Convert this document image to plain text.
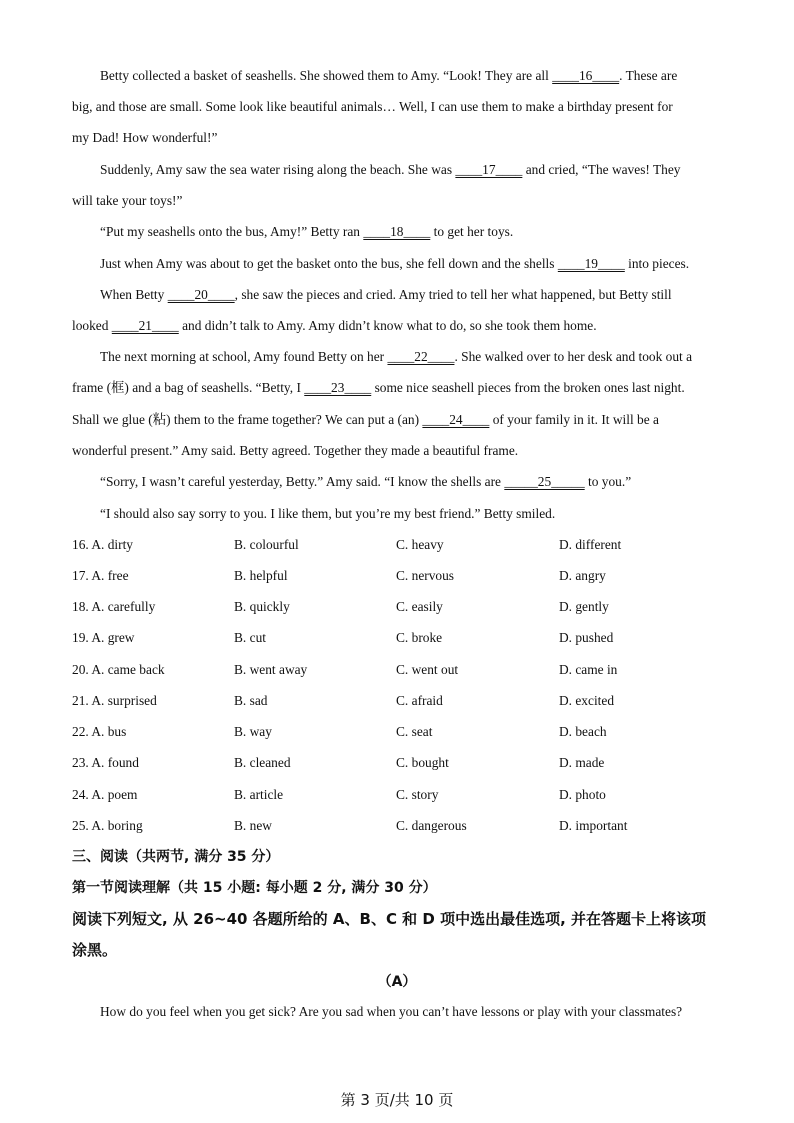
Betty collected a basket of seashells. She showed them to Amy. “Look! They are all ____16____. These are
big, and those are small. Some look like beautiful animals… Well, I can use them to make a birthday present for
my Dad! How wonderful!”
Suddenly, Amy saw the sea water rising along the beach. She was ____17____ and cried, “The waves! They
will take your toys!”
“Put my seashells onto the bus, Amy!” Betty ran ____18____ to get her toys.
Just when Amy was about to get the basket onto the bus, she fell down and the shells ____19____ into pieces.
When Betty ____20____, she saw the pieces and cried. Amy tried to tell her what happened, but Betty still
looked ____21____ and didn’t talk to Amy. Amy didn’t know what to do, so she took them home.
The next morning at school, Amy found Betty on her ____22____. She walked over to her desk and took out a
frame (框) and a bag of seashells. “Betty, I ____23____ some nice seashell pieces from the broken ones last night.
Shall we glue (粘) them to the frame together? We can put a (an) ____24____ of your family in it. It will be a
wonderful present.” Amy said. Betty agreed. Together they made a beautiful frame.
“Sorry, I wasn’t careful yesterday, Betty.” Amy said. “I know the shells are _____25_____ to you.”
“I should also say sorry to you. I like them, but you’re my best friend.” Betty smiled.
16. A. dirty	B. colourful	C. heavy	D. different
17. A. free	B. helpful	C. nervous	D. angry
18. A. carefully	B. quickly	C. easily	D. gently
19. A. grew	B. cut	C. broke	D. pushed
20. A. came back	B. went away	C. went out	D. came in
21. A. surprised	B. sad	C. afraid	D. excited
22. A. bus	B. way	C. seat	D. beach
23. A. found	B. cleaned	C. bought	D. made
24. A. poem	B. article	C. story	D. photo
25. A. boring	B. new	C. dangerous	D. important
三、阅读（共两节, 满分 35 分）
第一节阅读理解（共 15 小题: 每小题 2 分, 满分 30 分）
阅读下列短文, 从 26~40 各题所给的 A、B、C 和 D 项中选出最佳选项, 并在答题卡上将该项
涂黑。
（A）
How do you feel when you get sick? Are you sad when you can’t have lessons or play with your classmates?
第 3 页/共 10 页
